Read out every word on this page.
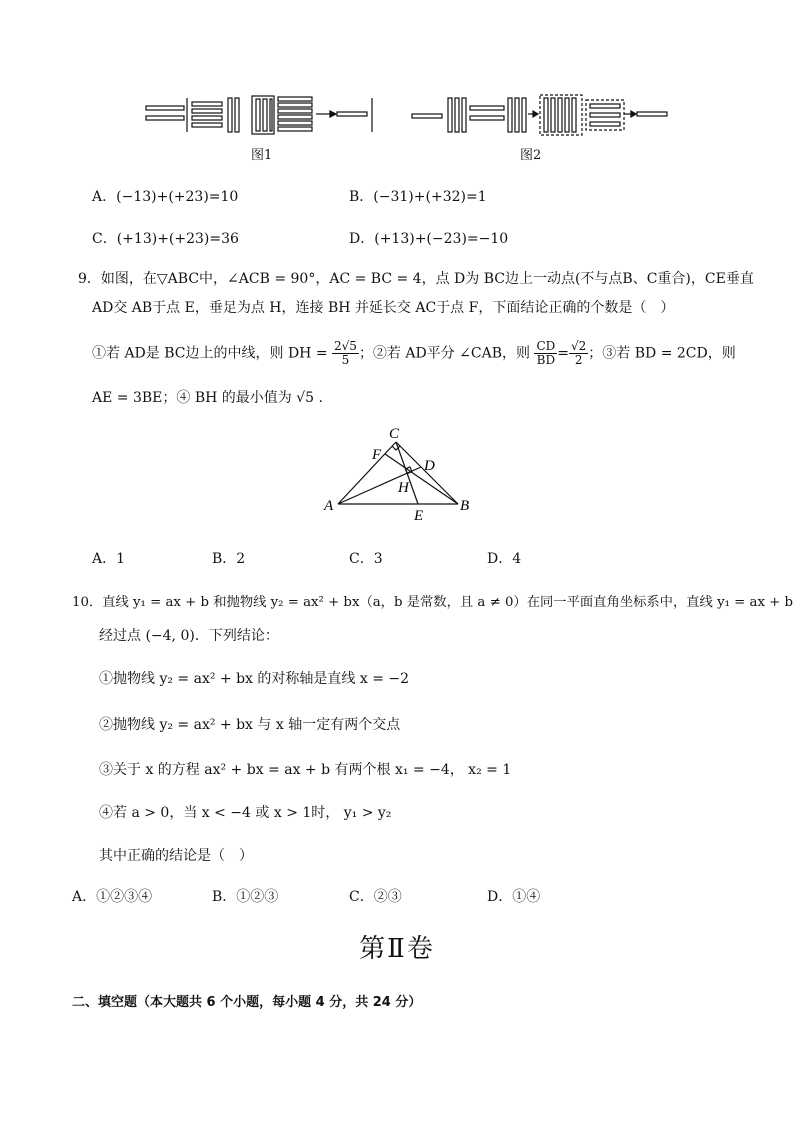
图1	图2
A．(−13)+(+23)=10	B．(−31)+(+32)=1
C．(+13)+(+23)=36	D．(+13)+(−23)=−10
9．如图，在▽ABC中，∠ACB = 90°，AC = BC = 4，点 D为 BC边上一动点(不与点B、C重合)，CE垂直
AD交 AB于点 E，垂足为点 H，连接 BH 并延长交 AC于点 F，下面结论正确的个数是（　）
①若 AD是 BC边上的中线，则 DH = $\frac{2√5}{5}$ ；②若 AD平分 ∠CAB，则 $\frac{CD}{BD} = \frac{√2}{2}$ ；③若 BD = 2CD，则
AE = 3BE；④ BH 的最小值为 √5 .
C
F
D
H
A	B
E
A．1	B．2	C．3	D．4
10．直线 y₁ = ax + b 和抛物线 y₂ = ax² + bx（a，b 是常数，且 a ≠ 0）在同一平面直角坐标系中，直线 y₁ = ax + b
经过点 (−4, 0)．下列结论：
①抛物线 y₂ = ax² + bx 的对称轴是直线 x = −2
②抛物线 y₂ = ax² + bx 与 x 轴一定有两个交点
③关于 x 的方程 ax² + bx = ax + b 有两个根 x₁ = −4， x₂ = 1
④若 a > 0，当 x < −4 或 x > 1时， y₁ > y₂
其中正确的结论是（　）
A．①②③④	B．①②③	C．②③	D．①④
第Ⅱ卷
二、填空题（本大题共 6 个小题，每小题 4 分，共 24 分）
